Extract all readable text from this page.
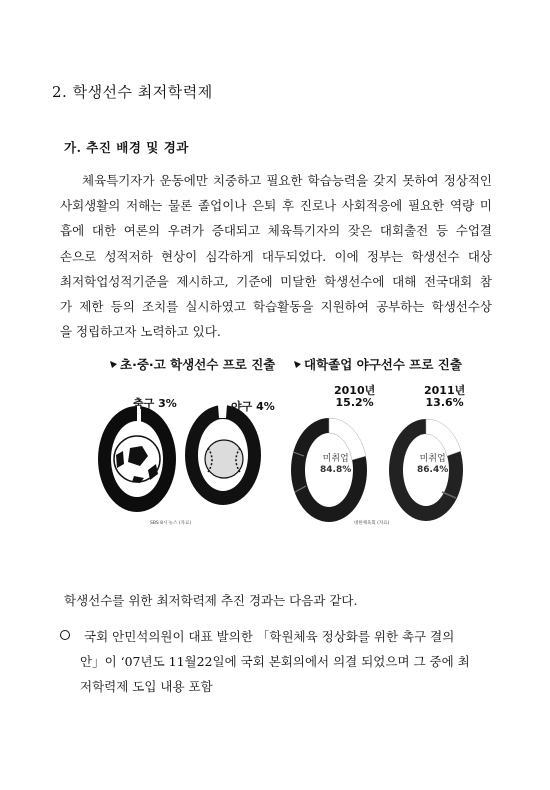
2. 학생선수 최저학력제
가. 추진 배경 및 경과
체육특기자가 운동에만 치중하고 필요한 학습능력을 갖지 못하여 정상적인
사회생활의 저해는 물론 졸업이나 은퇴 후 진로나 사회적응에 필요한 역량 미
흡에 대한 여론의 우려가 증대되고 체육특기자의 잦은 대회출전 등 수업결
손으로 성적저하 현상이 심각하게 대두되었다. 이에 정부는 학생선수 대상
최저학업성적기준을 제시하고, 기준에 미달한 학생선수에 대해 전국대회 참
가 제한 등의 조치를 실시하였고 학습활동을 지원하여 공부하는 학생선수상
을 정립하고자 노력하고 있다.
초·중·고 학생선수 프로 진출 대학졸업 야구선수 프로 진출
축구 3%	야구 4%
2010년
15.2%
2011년
13.6%
미취업
84.8%
미취업
86.4%
SBS 8시 뉴스 (자료)	대한체육회 (자료)
학생선수를 위한 최저학력제 추진 경과는 다음과 같다.
국회 안민석의원이 대표 발의한 「학원체육 정상화를 위한 촉구 결의
안」이 ‘07년도 11월22일에 국회 본회의에서 의결 되었으며 그 중에 최
저학력제 도입 내용 포함
